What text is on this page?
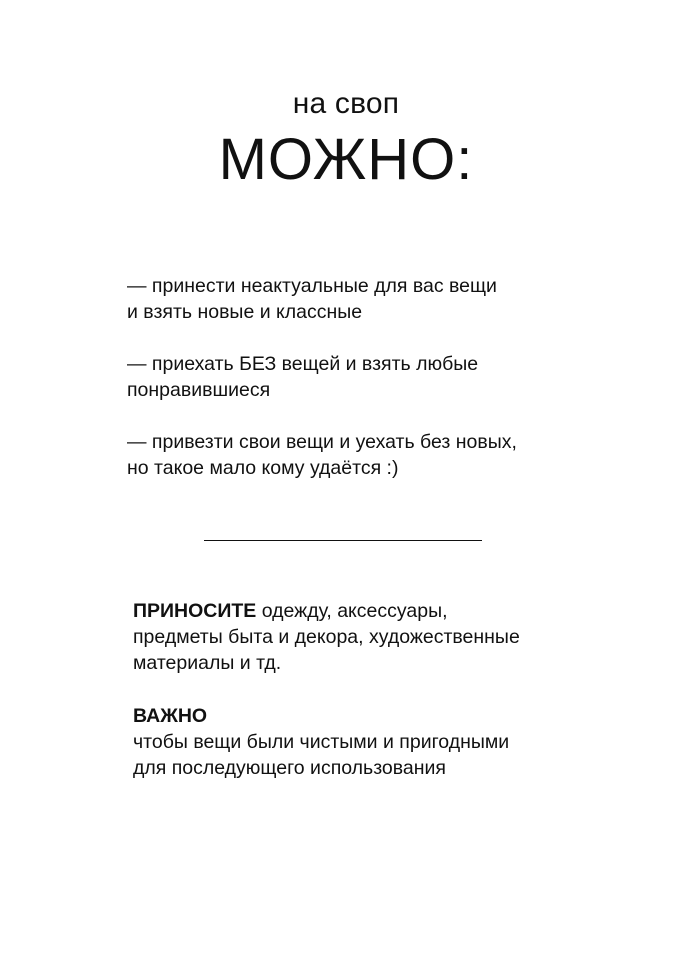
на своп
МОЖНО:
— принести неактуальные для вас вещи
и взять новые и классные
— приехать БЕЗ вещей и взять любые
понравившиеся
— привезти свои вещи и уехать без новых,
но такое мало кому удаётся :)
ПРИНОСИТЕ одежду, аксессуары,
предметы быта и декора, художественные
материалы и тд.
ВАЖНО
чтобы вещи были чистыми и пригодными
для последующего использования
